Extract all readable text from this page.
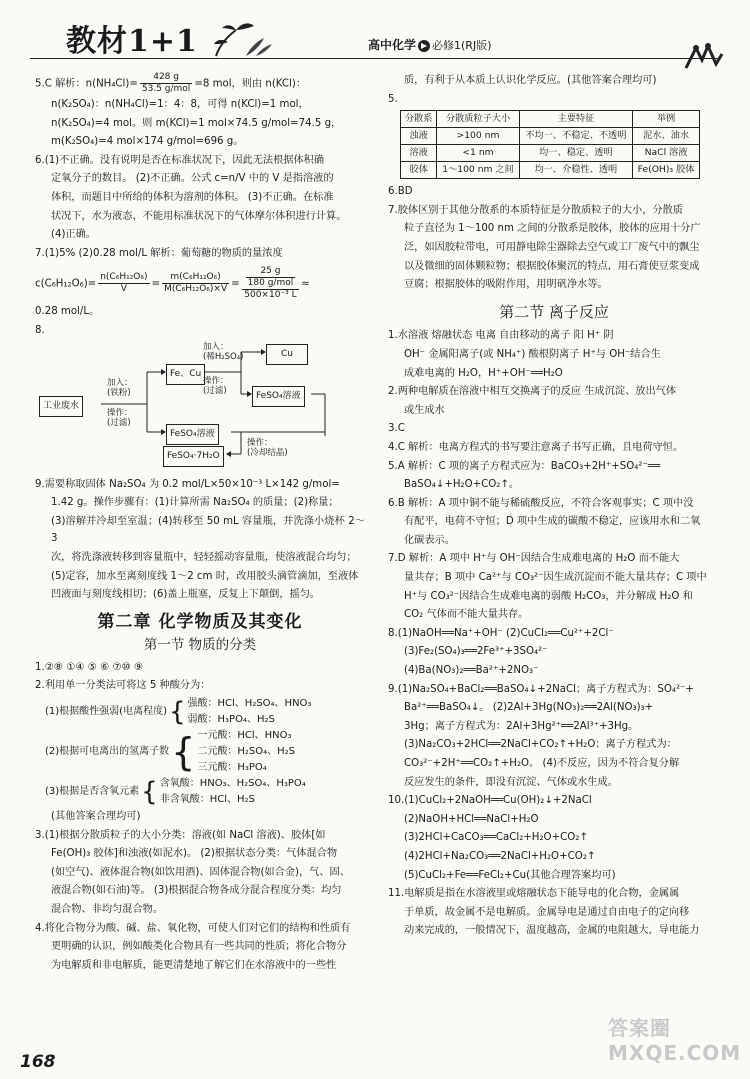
教材1+1	高中化学 ▶ 必修1(RJ版)
5.C 解析：$n(NH_4Cl)= \frac{428 g}{\text{53.5 g/mol}} =8$ mol，则由 n(KCl)：
n(K₂SO₄)：n(NH₄Cl)=1：4：8，可得 n(KCl)=1 mol，
n(K₂SO₄)=4 mol。则 m(KCl)=1 mol×74.5 g/mol=74.5 g，
m(K₂SO₄)=4 mol×174 g/mol=696 g。
6.(1)不正确。没有说明是否在标准状况下，因此无法根据体积确
定氧分子的数目。 (2)不正确。公式 c=n/V 中的 V 是指溶液的
体积，而题目中所给的体积为溶剂的体积。 (3)不正确。在标准
状况下，水为液态，不能用标准状况下的气体摩尔体积进行计算。
(4)正确。
7.(1)5% (2)0.28 mol/L 解析：葡萄糖的物质的量浓度
$c(C_6H_{12}O_6)= \frac{\text{n(C₆H₁₂O₆)}}{V} = \frac{\text{m(C₆H₁₂O₆)}}{\text{M(C₆H₁₂O₆)×V}} = \frac{\frac{25 g}{\text{180 g/mol}}}{\text{500×10⁻³ L}}$ ≈
0.28 mol/L。
8.
工业废水
加入：
(铁粉)
操作：
(过滤)
Fe、Cu
加入：
(稀H₂SO₄)
操作：
(过滤)
Cu
FeSO₄溶液
FeSO₄溶液
操作：
(冷却结晶)
FeSO₄·7H₂O
9.需要称取固体 Na₂SO₄ 为 0.2 mol/L×50×10⁻³ L×142 g/mol=
1.42 g。操作步骤有：(1)计算所需 Na₂SO₄ 的质量；(2)称量；
(3)溶解并冷却至室温；(4)转移至 50 mL 容量瓶，并洗涤小烧杯 2～3
次，将洗涤液转移到容量瓶中，轻轻摇动容量瓶，使溶液混合均匀；
(5)定容，加水至离刻度线 1～2 cm 时，改用胶头滴管滴加，至液体
凹液面与刻度线相切；(6)盖上瓶塞，反复上下颠倒，摇匀。
第二章 化学物质及其变化
第一节 物质的分类
1.②⑧ ①④ ⑤ ⑥ ⑦⑩ ⑨
2.利用单一分类法可将这 5 种酸分为：
(1)根据酸性强弱(电离程度) { 强酸：HCl、H₂SO₄、HNO₃
弱酸：H₃PO₄、H₂S
(2)根据可电离出的氢离子数 { 一元酸：HCl、HNO₃
二元酸：H₂SO₄、H₂S
三元酸：H₃PO₄
(3)根据是否含氧元素 { 含氧酸：HNO₃、H₂SO₄、H₃PO₄
非含氧酸：HCl、H₂S
(其他答案合理均可)
3.(1)根据分散质粒子的大小分类：溶液(如 NaCl 溶液)、胶体[如
Fe(OH)₃ 胶体]和浊液(如泥水)。 (2)根据状态分类：气体混合物
(如空气)、液体混合物(如饮用酒)、固体混合物(如合金)，气、固、
液混合物(如石油)等。 (3)根据混合物各成分混合程度分类：均匀
混合物、非均匀混合物。
4.将化合物分为酸、碱、盐、氧化物，可使人们对它们的结构和性质有
更明确的认识，例如酸类化合物具有一些共同的性质；将化合物分
为电解质和非电解质，能更清楚地了解它们在水溶液中的一些性
质，有利于从本质上认识化学反应。(其他答案合理均可)
5.
分散系	分散质粒子大小	主要特征	举例
浊液	>100 nm	不均一、不稳定、不透明	泥水、油水
溶液	<1 nm	均一、稳定、透明	NaCl 溶液
胶体	1～100 nm 之间	均一、介稳性、透明	Fe(OH)₃ 胶体
6.BD
7.胶体区别于其他分散系的本质特征是分散质粒子的大小，分散质
粒子直径为 1～100 nm 之间的分散系是胶体，胶体的应用十分广
泛，如因胶粒带电，可用静电除尘器除去空气或工厂废气中的飘尘
以及微细的固体颗粒物；根据胶体聚沉的特点，用石膏使豆浆变成
豆腐；根据胶体的吸附作用，用明矾净水等。
第二节 离子反应
1.水溶液 熔融状态 电离 自由移动的离子 阳 H⁺ 阴
OH⁻ 金属阳离子(或 NH₄⁺) 酸根阴离子 H⁺与 OH⁻结合生
成难电离的 H₂O，H⁺+OH⁻══H₂O
2.两种电解质在溶液中相互交换离子的反应 生成沉淀、放出气体
或生成水
3.C
4.C 解析：电离方程式的书写要注意离子书写正确，且电荷守恒。
5.A 解析：C 项的离子方程式应为：BaCO₃+2H⁺+SO₄²⁻══
BaSO₄↓+H₂O+CO₂↑。
6.B 解析：A 项中铜不能与稀硫酸反应，不符合客观事实；C 项中没
有配平，电荷不守恒；D 项中生成的碳酸不稳定，应该用水和二氧
化碳表示。
7.D 解析：A 项中 H⁺与 OH⁻因结合生成难电离的 H₂O 而不能大
量共存；B 项中 Ca²⁺与 CO₃²⁻因生成沉淀而不能大量共存；C 项中
H⁺与 CO₃²⁻因结合生成难电离的弱酸 H₂CO₃，并分解成 H₂O 和
CO₂ 气体而不能大量共存。
8.(1)NaOH══Na⁺+OH⁻ (2)CuCl₂══Cu²⁺+2Cl⁻
(3)Fe₂(SO₄)₃══2Fe³⁺+3SO₄²⁻
(4)Ba(NO₃)₂══Ba²⁺+2NO₃⁻
9.(1)Na₂SO₄+BaCl₂══BaSO₄↓+2NaCl；离子方程式为：SO₄²⁻+
Ba²⁺══BaSO₄↓。 (2)2Al+3Hg(NO₃)₂══2Al(NO₃)₃+
3Hg；离子方程式为：2Al+3Hg²⁺══2Al³⁺+3Hg。
(3)Na₂CO₃+2HCl══2NaCl+CO₂↑+H₂O；离子方程式为：
CO₃²⁻+2H⁺══CO₂↑+H₂O。 (4)不反应，因为不符合复分解
反应发生的条件，即没有沉淀、气体或水生成。
10.(1)CuCl₂+2NaOH══Cu(OH)₂↓+2NaCl
(2)NaOH+HCl══NaCl+H₂O
(3)2HCl+CaCO₃══CaCl₂+H₂O+CO₂↑
(4)2HCl+Na₂CO₃══2NaCl+H₂O+CO₂↑
(5)CuCl₂+Fe══FeCl₂+Cu(其他合理答案均可)
11.电解质是指在水溶液里或熔融状态下能导电的化合物，金属属
于单质，故金属不是电解质。金属导电是通过自由电子的定向移
动来完成的，一般情况下，温度越高，金属的电阻越大，导电能力
168
答案圈 MXQE.COM
